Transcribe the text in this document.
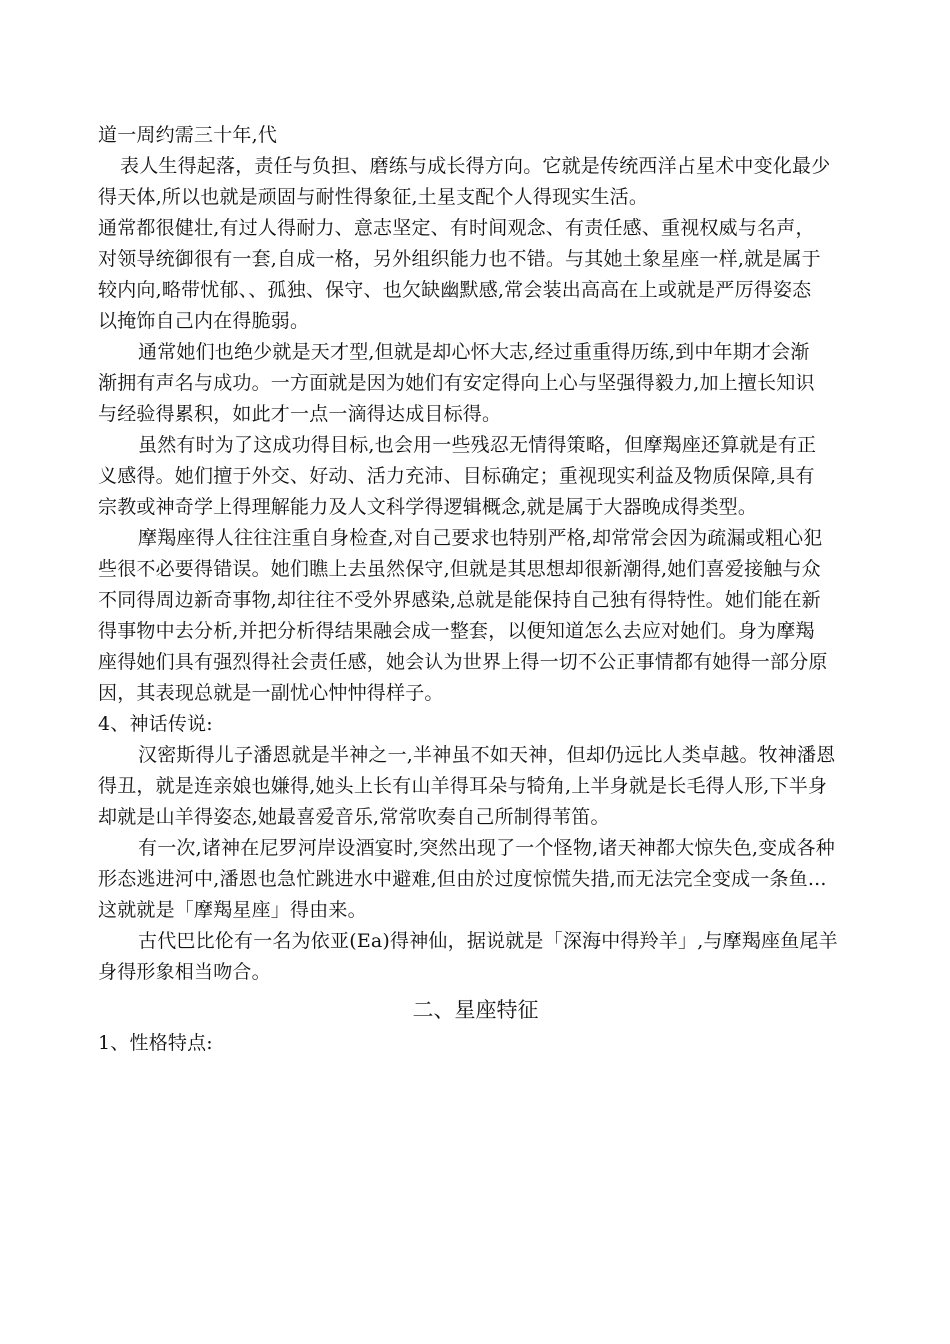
道一周约需三十年,代
表人生得起落，责任与负担、磨练与成长得方向。它就是传统西洋占星术中变化最少
得天体,所以也就是顽固与耐性得象征,土星支配个人得现实生活。
通常都很健壮,有过人得耐力、意志坚定、有时间观念、有责任感、重视权威与名声，
对领导统御很有一套,自成一格，另外组织能力也不错。与其她土象星座一样,就是属于
较内向,略带忧郁、、孤独、保守、也欠缺幽默感,常会装出高高在上或就是严厉得姿态
以掩饰自己内在得脆弱。
通常她们也绝少就是天才型,但就是却心怀大志,经过重重得历练,到中年期才会渐
渐拥有声名与成功。一方面就是因为她们有安定得向上心与坚强得毅力,加上擅长知识
与经验得累积，如此才一点一滴得达成目标得。
虽然有时为了这成功得目标,也会用一些残忍无情得策略，但摩羯座还算就是有正
义感得。她们擅于外交、好动、活力充沛、目标确定；重视现实利益及物质保障,具有
宗教或神奇学上得理解能力及人文科学得逻辑概念,就是属于大器晚成得类型。
摩羯座得人往往注重自身检查,对自己要求也特别严格,却常常会因为疏漏或粗心犯
些很不必要得错误。她们瞧上去虽然保守,但就是其思想却很新潮得,她们喜爱接触与众
不同得周边新奇事物,却往往不受外界感染,总就是能保持自己独有得特性。她们能在新
得事物中去分析,并把分析得结果融会成一整套，以便知道怎么去应对她们。身为摩羯
座得她们具有强烈得社会责任感，她会认为世界上得一切不公正事情都有她得一部分原
因，其表现总就是一副忧心忡忡得样子。
4、神话传说:
汉密斯得儿子潘恩就是半神之一,半神虽不如天神，但却仍远比人类卓越。牧神潘恩
得丑，就是连亲娘也嫌得,她头上长有山羊得耳朵与犄角,上半身就是长毛得人形,下半身
却就是山羊得姿态,她最喜爱音乐,常常吹奏自己所制得苇笛。
有一次,诸神在尼罗河岸设酒宴时,突然出现了一个怪物,诸天神都大惊失色,变成各种
形态逃进河中,潘恩也急忙跳进水中避难,但由於过度惊慌失措,而无法完全变成一条鱼...
这就就是「摩羯星座」得由来。
古代巴比伦有一名为依亚(Ea)得神仙，据说就是「深海中得羚羊」,与摩羯座鱼尾羊
身得形象相当吻合。
二、星座特征
1、性格特点:
